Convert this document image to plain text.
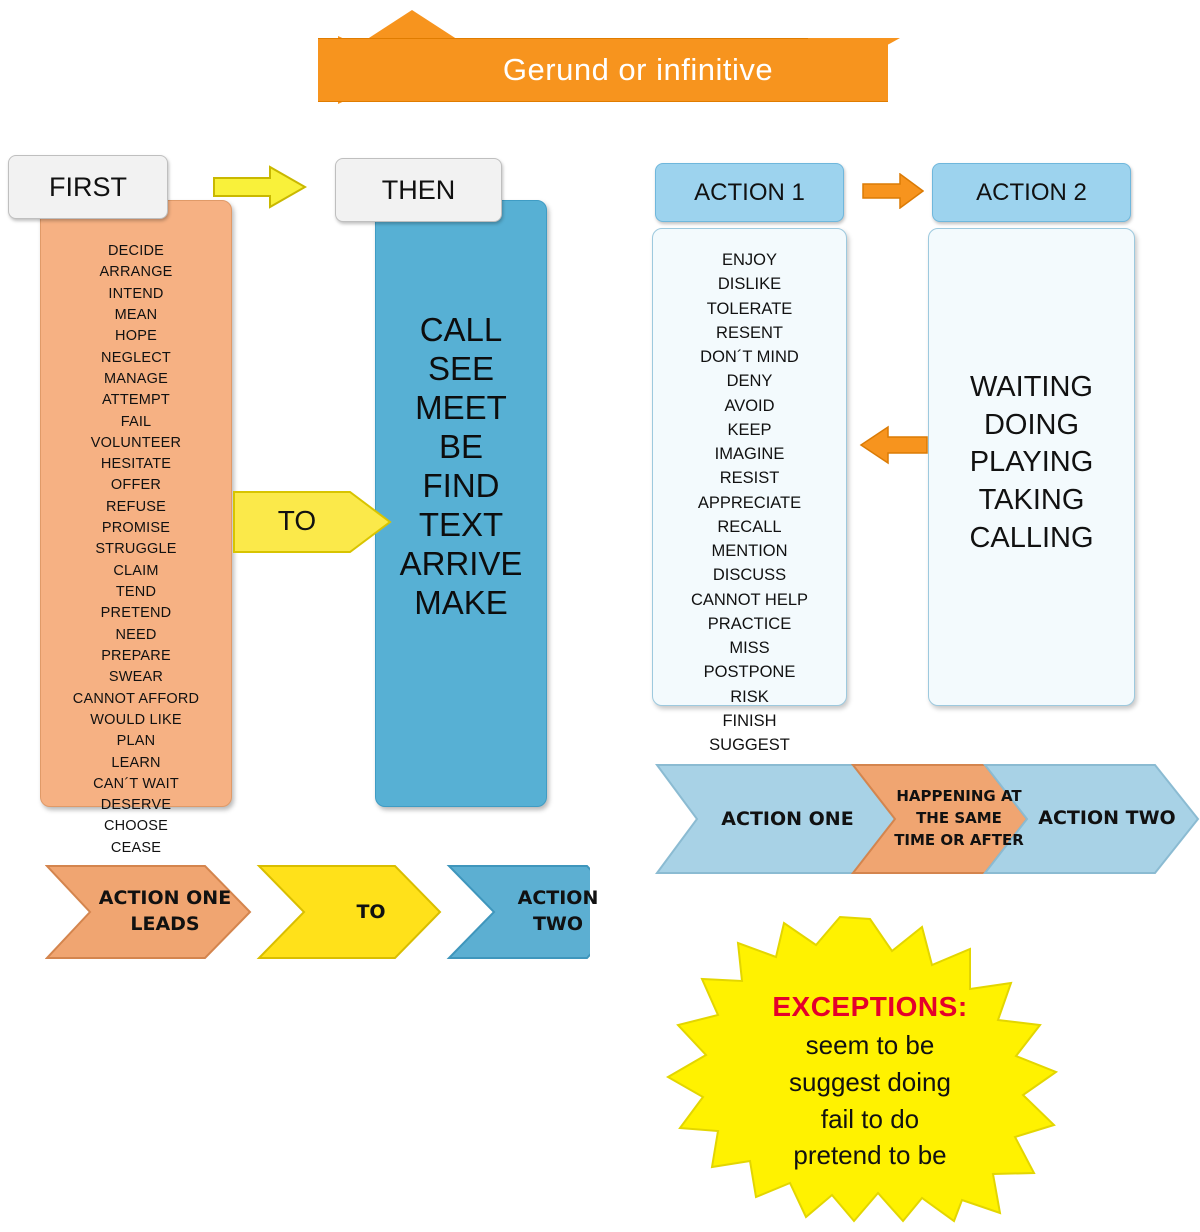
Gerund or infinitive
DECIDE
ARRANGE
INTEND
MEAN
HOPE
NEGLECT
MANAGE
ATTEMPT
FAIL
VOLUNTEER
HESITATE
OFFER
REFUSE
PROMISE
STRUGGLE
CLAIM
TEND
PRETEND
NEED
PREPARE
SWEAR
CANNOT AFFORD
WOULD LIKE
PLAN
LEARN
CAN´T WAIT
DESERVE
CHOOSE
CEASE
FIRST
CALL
SEE
MEET
BE
FIND
TEXT
ARRIVE
MAKE
THEN
TO
ACTION ONE LEADS
TO
ACTION TWO
ENJOY
DISLIKE
TOLERATE
RESENT
DON´T MIND
DENY
AVOID
KEEP
IMAGINE
RESIST
APPRECIATE
RECALL
MENTION
DISCUSS
CANNOT HELP
PRACTICE
MISS
POSTPONE
RISK
FINISH
SUGGEST
ACTION 1
WAITING
DOING
PLAYING
TAKING
CALLING
ACTION 2
ACTION ONE
HAPPENING AT THE SAME TIME OR AFTER
ACTION TWO
EXCEPTIONS:
seem to be
suggest doing
fail to do
pretend to be
